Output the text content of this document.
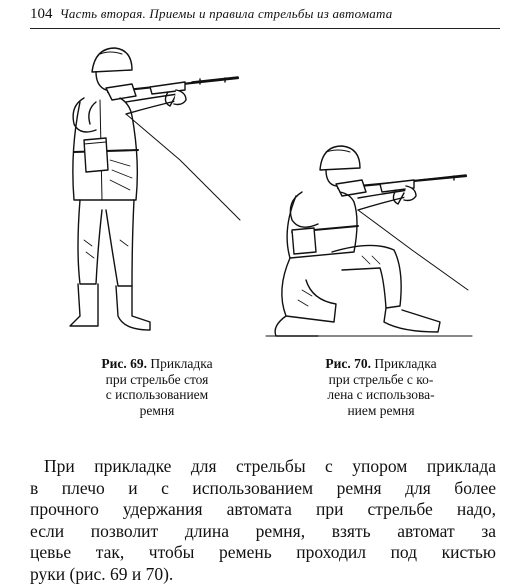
104 Часть вторая. Приемы и правила стрельбы из автомата
Рис. 69. Прикладка
при стрельбе стоя
с использованием
ремня
Рис. 70. Прикладка
при стрельбе с ко-
лена с использова-
нием ремня
При прикладке для стрельбы с упором приклада
в плечо и с использованием ремня для более
прочного удержания автомата при стрельбе надо,
если позволит длина ремня, взять автомат за
цевье так, чтобы ремень проходил под кистью
руки (рис. 69 и 70).
